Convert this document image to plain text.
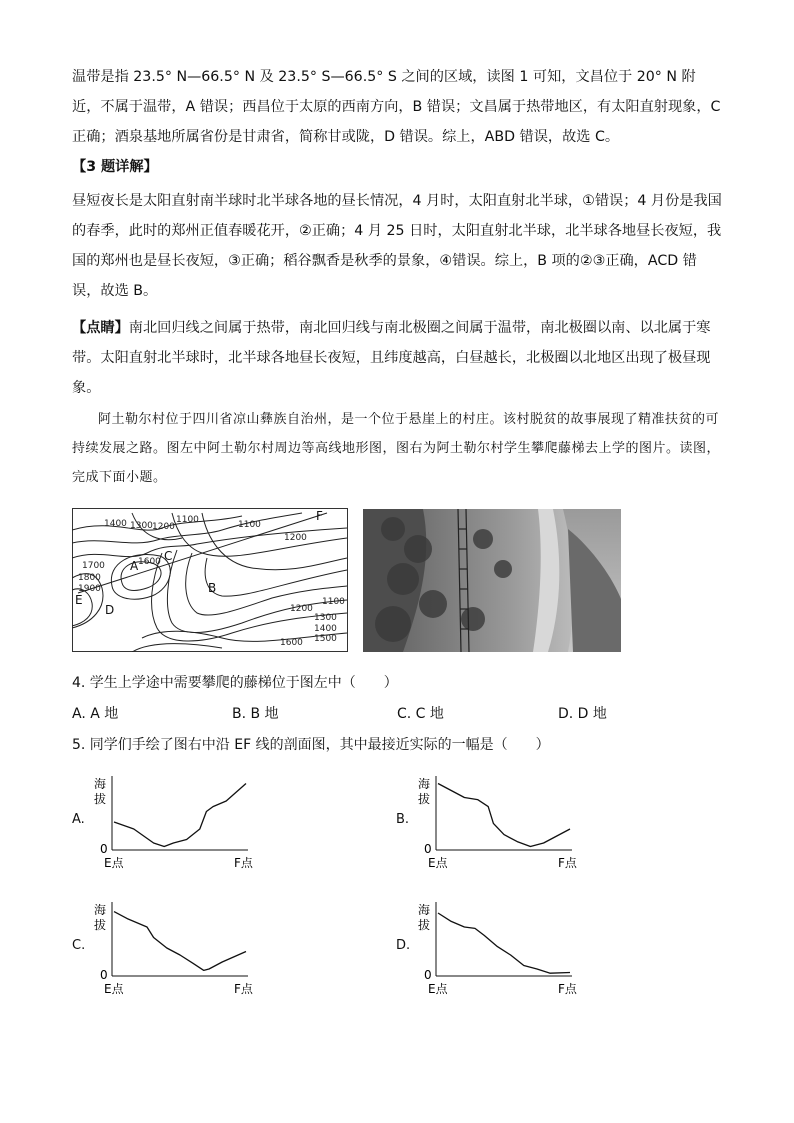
温带是指 23.5° N—66.5° N 及 23.5° S—66.5° S 之间的区域，读图 1 可知，文昌位于 20° N 附近，不属于温带，A 错误；西昌位于太原的西南方向，B 错误；文昌属于热带地区，有太阳直射现象，C 正确；酒泉基地所属省份是甘肃省，简称甘或陇，D 错误。综上，ABD 错误，故选 C。

【3 题详解】

昼短夜长是太阳直射南半球时北半球各地的昼长情况，4 月时，太阳直射北半球，①错误；4 月份是我国的春季，此时的郑州正值春暖花开，②正确；4 月 25 日时，太阳直射北半球，北半球各地昼长夜短，我国的郑州也是昼长夜短，③正确；稻谷飘香是秋季的景象，④错误。综上，B 项的②③正确，ACD 错误，故选 B。

【点睛】南北回归线之间属于热带，南北回归线与南北极圈之间属于温带，南北极圈以南、以北属于寒带。太阳直射北半球时，北半球各地昼长夜短，且纬度越高，白昼越长，北极圈以北地区出现了极昼现象。

阿土勒尔村位于四川省凉山彝族自治州，是一个位于悬崖上的村庄。该村脱贫的故事展现了精准扶贫的可持续发展之路。图左中阿土勒尔村周边等高线地形图，图右为阿土勒尔村学生攀爬藤梯去上学的图片。读图，完成下面小题。

1400 1300 1200
1100	1100
1200
1700	1600
1800
1900
1200
1100
1300
1400
1500
1600
A
B
C
D
E
F
4. 学生上学途中需要攀爬的藤梯位于图左中（　　）
A. A 地	B. B 地	C. C 地	D. D 地
5. 同学们手绘了图右中沿 EF 线的剖面图，其中最接近实际的一幅是（　　）
A.	B.
C.	D.
海
拔
0
E点	F点
海
拔
0
E点	F点
海
拔
0
E点	F点
海
拔
0
E点	F点
